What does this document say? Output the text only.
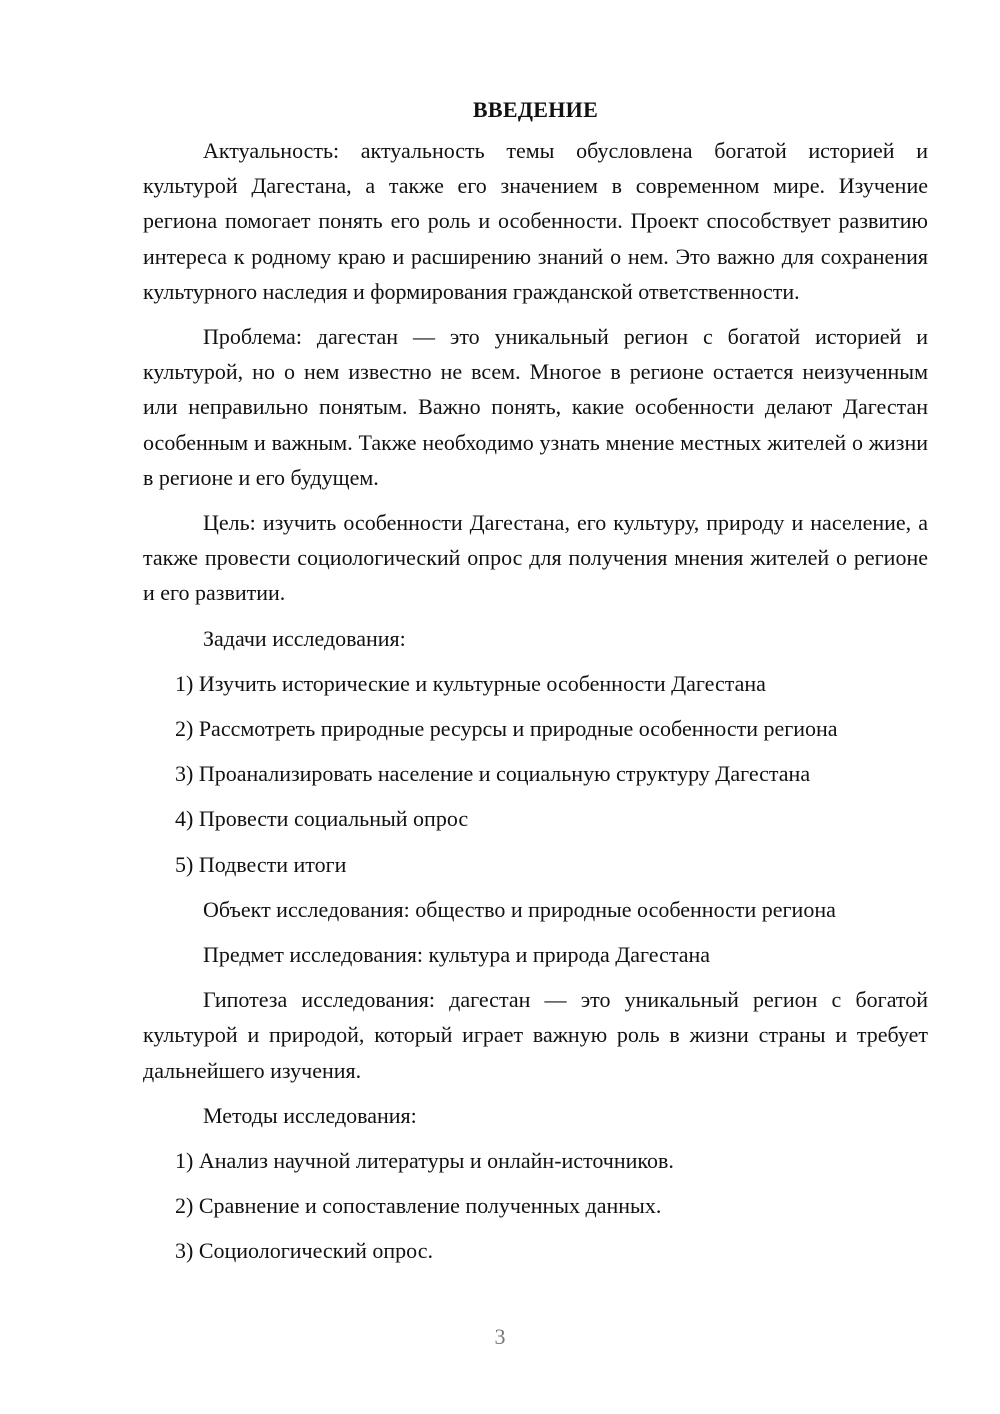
ВВЕДЕНИЕ

Актуальность: актуальность темы обусловлена богатой историей и культурой Дагестана, а также его значением в современном мире. Изучение региона помогает понять его роль и особенности. Проект способствует развитию интереса к родному краю и расширению знаний о нем. Это важно для сохранения культурного наследия и формирования гражданской ответственности.

Проблема: дагестан — это уникальный регион с богатой историей и культурой, но о нем известно не всем. Многое в регионе остается неизученным или неправильно понятым. Важно понять, какие особенности делают Дагестан особенным и важным. Также необходимо узнать мнение местных жителей о жизни в регионе и его будущем.

Цель: изучить особенности Дагестана, его культуру, природу и население, а также провести социологический опрос для получения мнения жителей о регионе и его развитии.

Задачи исследования:
1) Изучить исторические и культурные особенности Дагестана
2) Рассмотреть природные ресурсы и природные особенности региона
3) Проанализировать население и социальную структуру Дагестана
4) Провести социальный опрос
5) Подвести итоги
Объект исследования: общество и природные особенности региона
Предмет исследования: культура и природа Дагестана

Гипотеза исследования: дагестан — это уникальный регион с богатой культурой и природой, который играет важную роль в жизни страны и требует дальнейшего изучения.

Методы исследования:
1) Анализ научной литературы и онлайн-источников.
2) Сравнение и сопоставление полученных данных.
3) Социологический опрос.
3
